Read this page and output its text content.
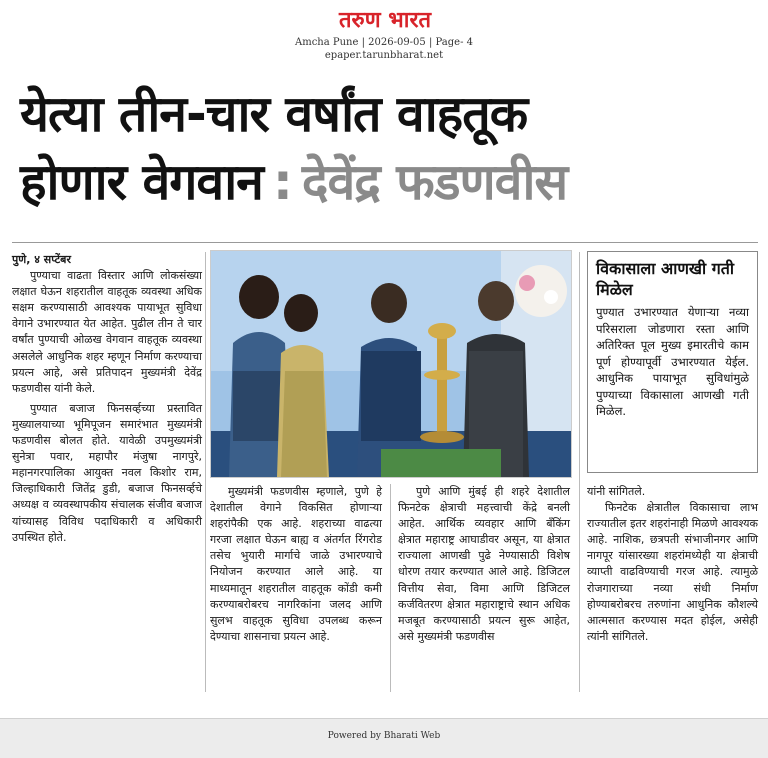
तरुण भारत
Amcha Pune | 2026-09-05 | Page- 4
epaper.tarunbharat.net
येत्या तीन-चार वर्षांत वाहतूक
होणार वेगवान : देवेंद्र फडणवीस

पुणे, ४ सप्टेंबर

पुण्याचा वाढता विस्तार आणि लोकसंख्या लक्षात घेऊन शहरातील वाहतूक व्यवस्था अधिक सक्षम करण्यासाठी आवश्यक पायाभूत सुविधा वेगाने उभारण्यात येत आहेत. पुढील तीन ते चार वर्षांत पुण्याची ओळख वेगवान वाहतूक व्यवस्था असलेले आधुनिक शहर म्हणून निर्माण करण्याचा प्रयत्न आहे, असे प्रतिपादन मुख्यमंत्री देवेंद्र फडणवीस यांनी केले.

पुण्यात बजाज फिनसर्व्हच्या प्रस्तावित मुख्यालयाच्या भूमिपूजन समारंभात मुख्यमंत्री फडणवीस बोलत होते. यावेळी उपमुख्यमंत्री सुनेत्रा पवार, महापौर मंजुषा नागपुरे, महानगरपालिका आयुक्त नवल किशोर राम, जिल्हाधिकारी जितेंद्र डुडी, बजाज फिनसर्व्हचे अध्यक्ष व व्यवस्थापकीय संचालक संजीव बजाज यांच्यासह विविध पदाधिकारी व अधिकारी उपस्थित होते.

विकासाला आणखी गती मिळेल
पुण्यात उभारण्यात येणाऱ्या नव्या परिसराला जोडणारा रस्ता आणि अतिरिक्त पूल मुख्य इमारतीचे काम पूर्ण होण्यापूर्वी उभारण्यात येईल. आधुनिक पायाभूत सुविधांमुळे पुण्याच्या विकासाला आणखी गती मिळेल.

मुख्यमंत्री फडणवीस म्हणाले, पुणे हे देशातील वेगाने विकसित होणाऱ्या शहरांपैकी एक आहे. शहराच्या वाढत्या गरजा लक्षात घेऊन बाह्य व अंतर्गत रिंगरोड तसेच भुयारी मार्गाचे जाळे उभारण्याचे नियोजन करण्यात आले आहे. या माध्यमातून शहरातील वाहतूक कोंडी कमी करण्याबरोबरच नागरिकांना जलद आणि सुलभ वाहतूक सुविधा उपलब्ध करून देण्याचा शासनाचा प्रयत्न आहे.

पुणे आणि मुंबई ही शहरे देशातील फिनटेक क्षेत्राची महत्त्वाची केंद्रे बनली आहेत. आर्थिक व्यवहार आणि बँकिंग क्षेत्रात महाराष्ट्र आघाडीवर असून, या क्षेत्रात राज्याला आणखी पुढे नेण्यासाठी विशेष धोरण तयार करण्यात आले आहे. डिजिटल वित्तीय सेवा, विमा आणि डिजिटल कर्जवितरण क्षेत्रात महाराष्ट्राचे स्थान अधिक मजबूत करण्यासाठी प्रयत्न सुरू आहेत, असे मुख्यमंत्री फडणवीस

यांनी सांगितले.

फिनटेक क्षेत्रातील विकासाचा लाभ राज्यातील इतर शहरांनाही मिळणे आवश्यक आहे. नाशिक, छत्रपती संभाजीनगर आणि नागपूर यांसारख्या शहरांमध्येही या क्षेत्राची व्याप्ती वाढविण्याची गरज आहे. त्यामुळे रोजगाराच्या नव्या संधी निर्माण होण्याबरोबरच तरुणांना आधुनिक कौशल्ये आत्मसात करण्यास मदत होईल, असेही त्यांनी सांगितले.

Powered by Bharati Web
